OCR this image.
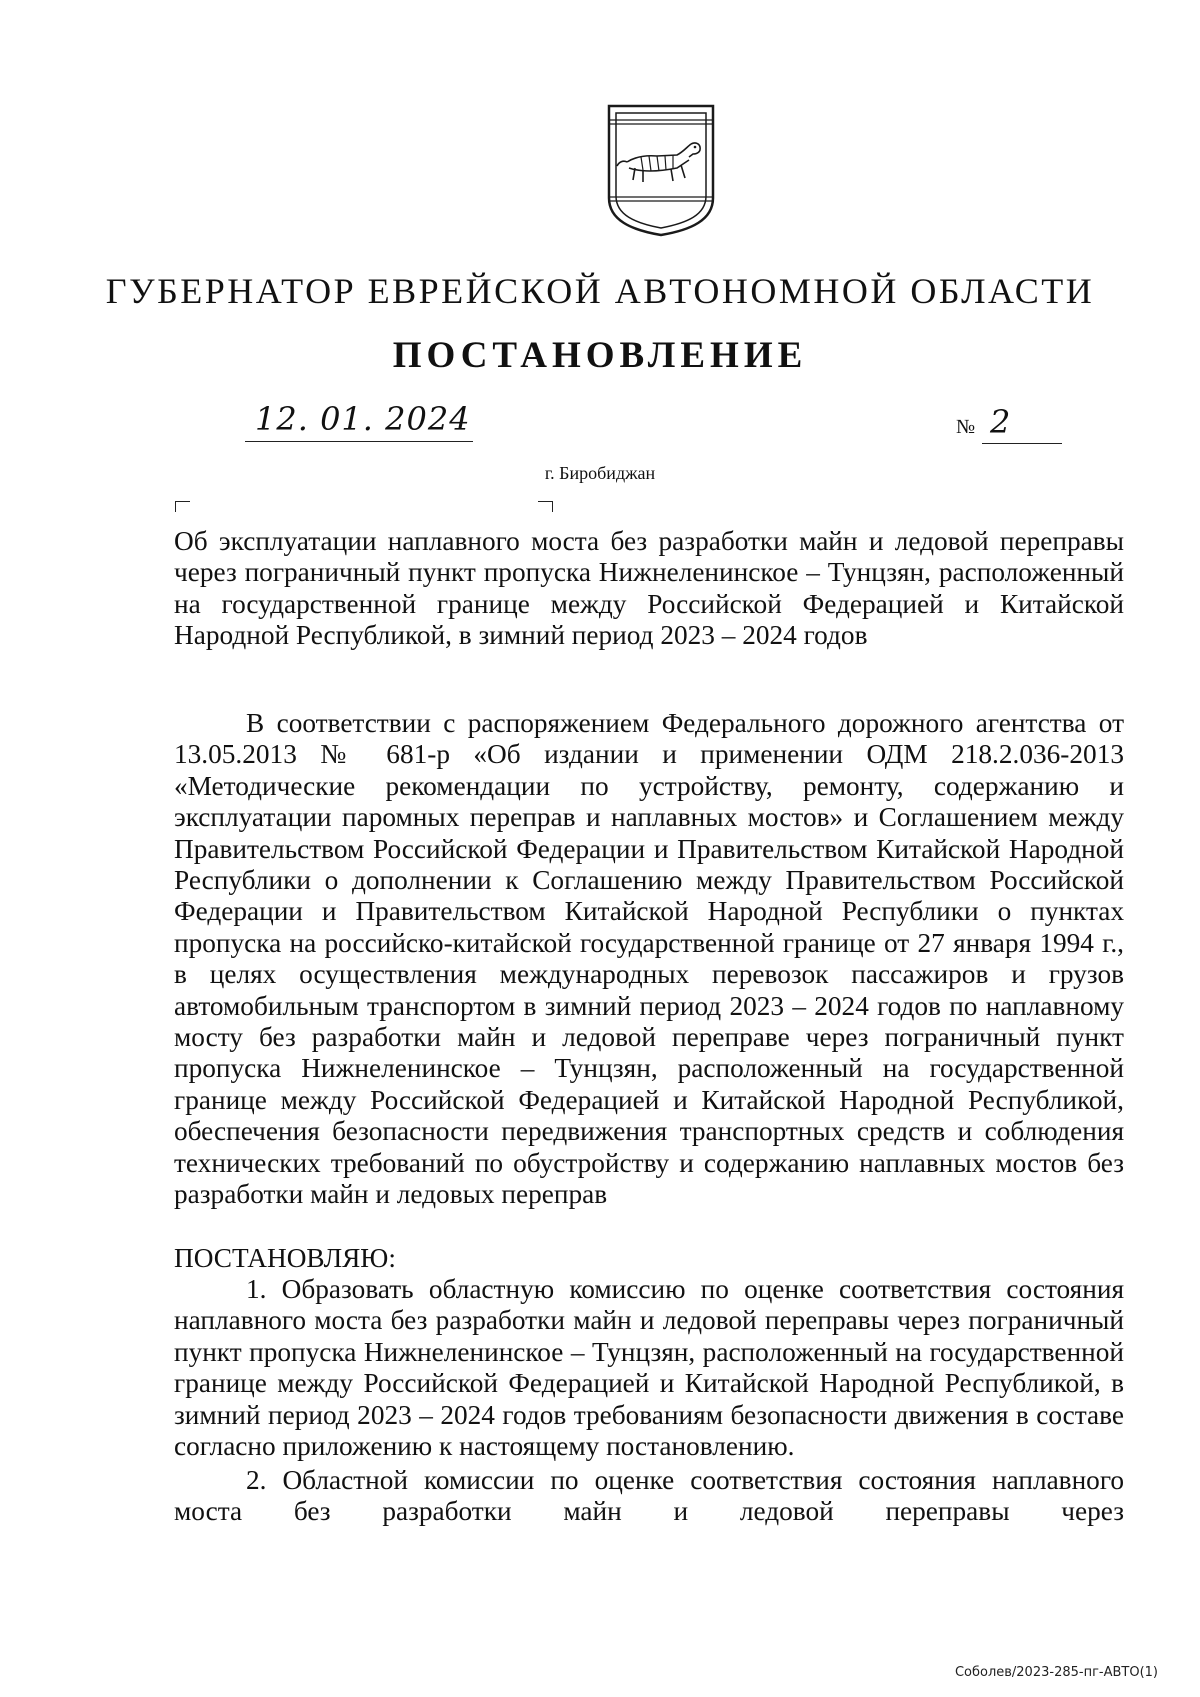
ГУБЕРНАТОР ЕВРЕЙСКОЙ АВТОНОМНОЙ ОБЛАСТИ
ПОСТАНОВЛЕНИЕ
12. 01. 2024	№ 2
г. Биробиджан
Об эксплуатации наплавного моста без разработки майн и ледовой переправы через пограничный пункт пропуска Нижнеленинское – Тунцзян, расположенный на государственной границе между Российской Федерацией и Китайской Народной Республикой, в зимний период 2023 – 2024 годов
В соответствии с распоряжением Федерального дорожного агентства от 13.05.2013 № 681-р «Об издании и применении ОДМ 218.2.036-2013 «Методические рекомендации по устройству, ремонту, содержанию и эксплуатации паромных переправ и наплавных мостов» и Соглашением между Правительством Российской Федерации и Правительством Китайской Народной Республики о дополнении к Соглашению между Правительством Российской Федерации и Правительством Китайской Народной Республики о пунктах пропуска на российско-китайской государственной границе от 27 января 1994 г., в целях осуществления международных перевозок пассажиров и грузов автомобильным транспортом в зимний период 2023 – 2024 годов по наплавному мосту без разработки майн и ледовой переправе через пограничный пункт пропуска Нижнеленинское – Тунцзян, расположенный на государственной границе между Российской Федерацией и Китайской Народной Республикой, обеспечения безопасности передвижения транспортных средств и соблюдения технических требований по обустройству и содержанию наплавных мостов без разработки майн и ледовых переправ
ПОСТАНОВЛЯЮ:
1. Образовать областную комиссию по оценке соответствия состояния наплавного моста без разработки майн и ледовой переправы через пограничный пункт пропуска Нижнеленинское – Тунцзян, расположенный на государственной границе между Российской Федерацией и Китайской Народной Республикой, в зимний период 2023 – 2024 годов требованиям безопасности движения в составе согласно приложению к настоящему постановлению.
2. Областной комиссии по оценке соответствия состояния наплавного моста без разработки майн и ледовой переправы через
Соболев/2023-285-пг-АВТО(1)
